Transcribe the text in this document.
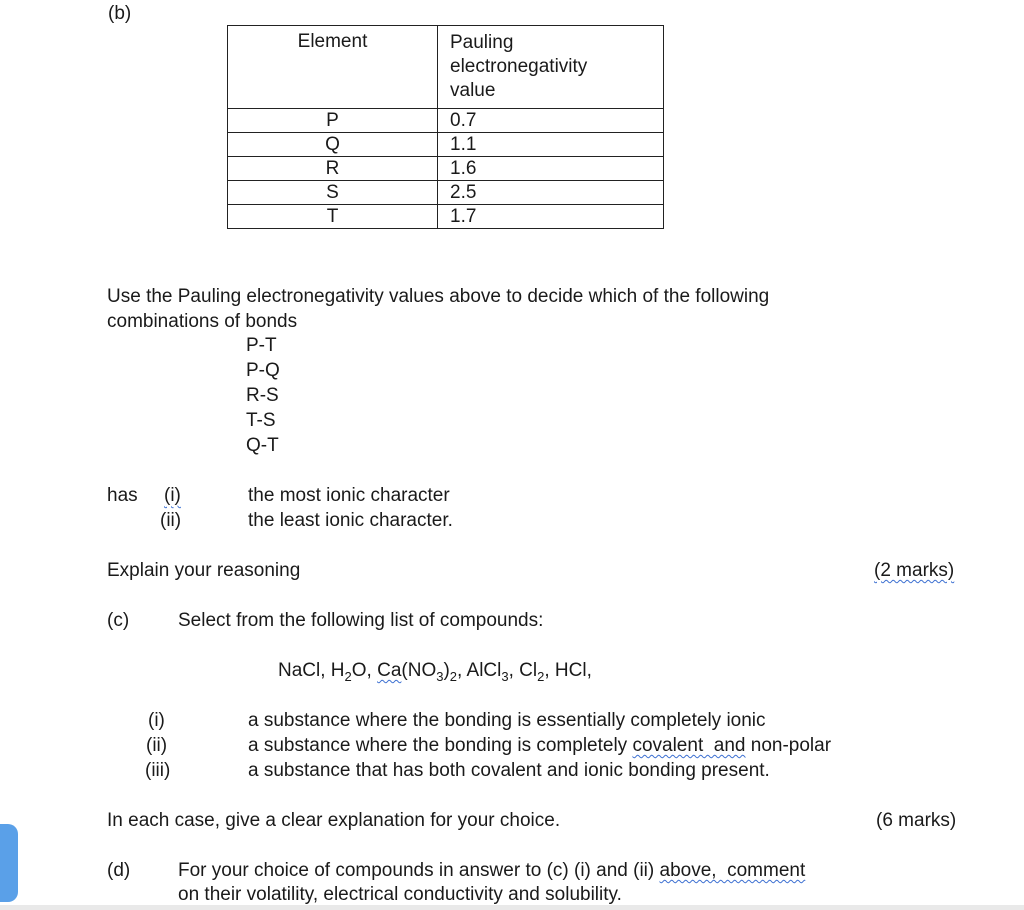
(b)
Element	Pauling
electronegativity
value

P	0.7
Q	1.1
R	1.6
S	2.5
T	1.7
Use the Pauling electronegativity values above to decide which of the following
combinations of bonds
P-T
P-Q
R-S
T-S
Q-T
has (i)	the most ionic character
(ii)	the least ionic character.
Explain your reasoning	(2 marks)
(c)	Select from the following list of compounds:
NaCl, $H_2O$, $Ca(NO_3)_2$, AlCl$_3$, $Cl_2$, HCl,
(i)	a substance where the bonding is essentially completely ionic
(ii)	a substance where the bonding is completely covalent  and non-polar
(iii)	a substance that has both covalent and ionic bonding present.
In each case, give a clear explanation for your choice.	(6 marks)
(d)	For your choice of compounds in answer to (c) (i) and (ii) above,  comment
on their volatility, electrical conductivity and solubility.
